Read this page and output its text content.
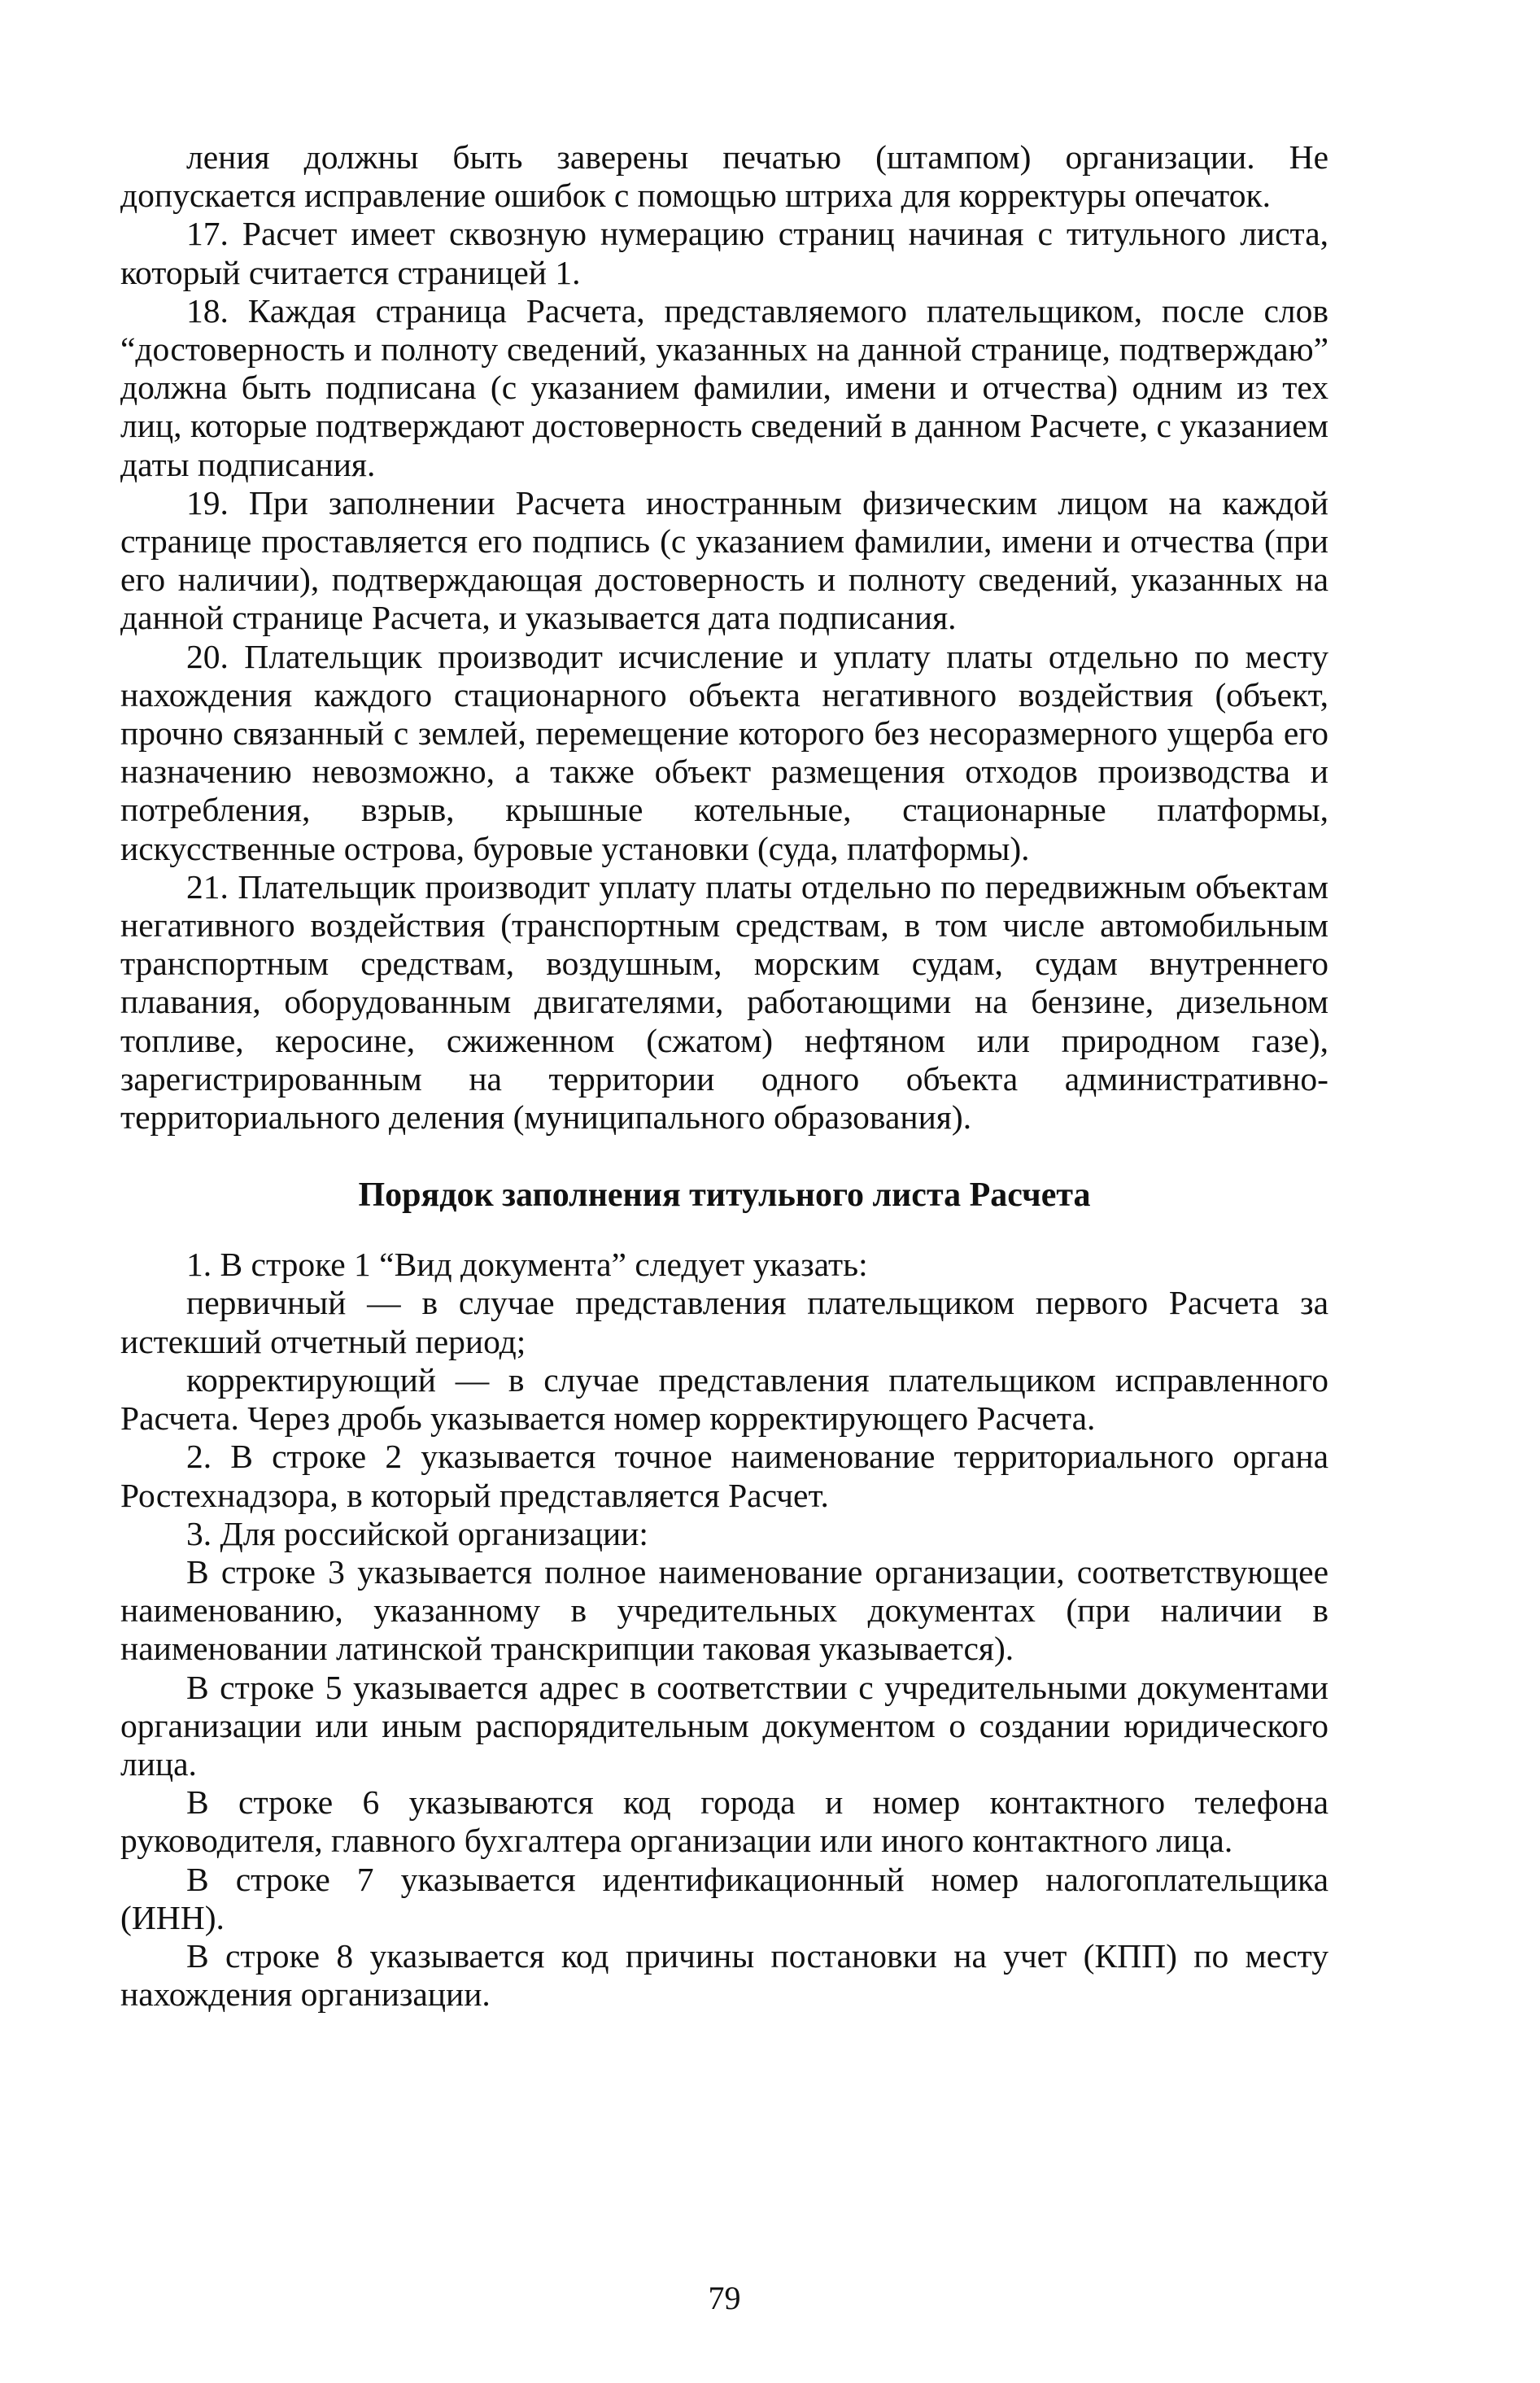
ления должны быть заверены печатью (штампом) организации. Не допускается исправление ошибок с помощью штриха для корректуры опечаток.

17. Расчет имеет сквозную нумерацию страниц начиная с титульного листа, который считается страницей 1.

18. Каждая страница Расчета, представляемого плательщиком, после слов “достоверность и полноту сведений, указанных на данной странице, подтверждаю” должна быть подписана (с указанием фамилии, имени и отчества) одним из тех лиц, которые подтверждают достоверность сведений в данном Расчете, с указанием даты подписания.

19. При заполнении Расчета иностранным физическим лицом на каждой странице проставляется его подпись (с указанием фамилии, имени и отчества (при его наличии), подтверждающая достоверность и полноту сведений, указанных на данной странице Расчета, и указывается дата подписания.

20. Плательщик производит исчисление и уплату платы отдельно по месту нахождения каждого стационарного объекта негативного воздействия (объект, прочно связанный с землей, перемещение которого без несоразмерного ущерба его назначению невозможно, а также объект размещения отходов производства и потребления, взрыв, крышные котельные, стационарные платформы, искусственные острова, буровые установки (суда, платформы).

21. Плательщик производит уплату платы отдельно по передвижным объектам негативного воздействия (транспортным средствам, в том числе автомобильным транспортным средствам, воздушным, морским судам, судам внутреннего плавания, оборудованным двигателями, работающими на бензине, дизельном топливе, керосине, сжиженном (сжатом) нефтяном или природном газе), зарегистрированным на территории одного объекта административно-территориального деления (муниципального образования).

Порядок заполнения титульного листа Расчета

1. В строке 1 “Вид документа” следует указать:

первичный — в случае представления плательщиком первого Расчета за истекший отчетный период;

корректирующий — в случае представления плательщиком исправленного Расчета. Через дробь указывается номер корректирующего Расчета.

2. В строке 2 указывается точное наименование территориального органа Ростехнадзора, в который представляется Расчет.

3. Для российской организации:

В строке 3 указывается полное наименование организации, соответствующее наименованию, указанному в учредительных документах (при наличии в наименовании латинской транскрипции таковая указывается).

В строке 5 указывается адрес в соответствии с учредительными документами организации или иным распорядительным документом о создании юридического лица.

В строке 6 указываются код города и номер контактного телефона руководителя, главного бухгалтера организации или иного контактного лица.

В строке 7 указывается идентификационный номер налогоплательщика (ИНН).

В строке 8 указывается код причины постановки на учет (КПП) по месту нахождения организации.

79
